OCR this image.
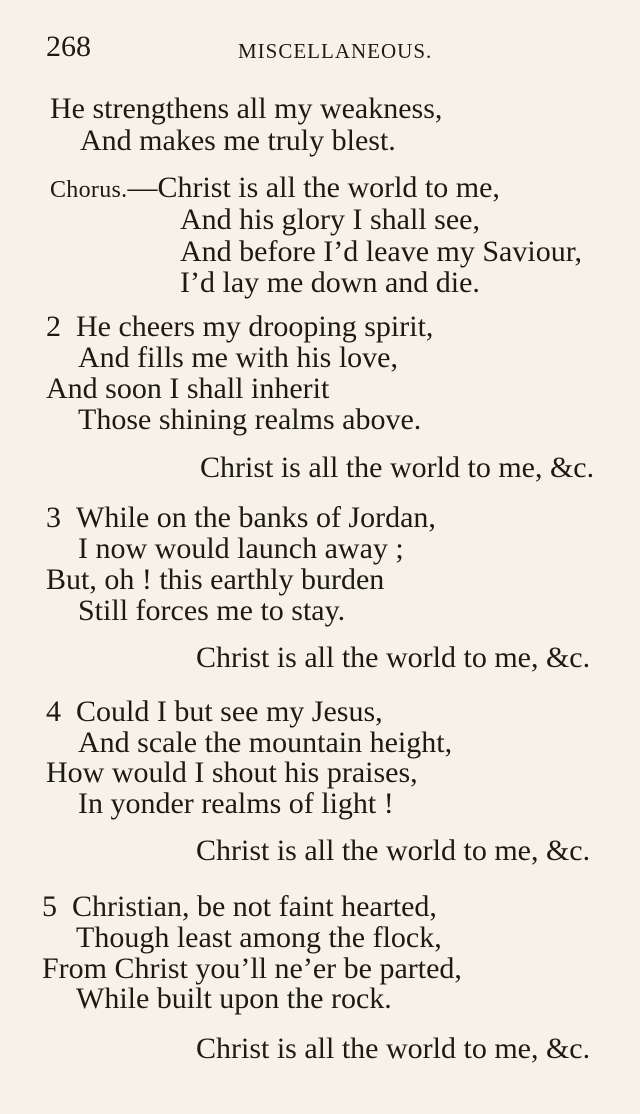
268	MISCELLANEOUS.
He strengthens all my weakness,
And makes me truly blest.
Chorus.—Christ is all the world to me,
And his glory I shall see,
And before I’d leave my Saviour,
I’d lay me down and die.
2 He cheers my drooping spirit,
And fills me with his love,
And soon I shall inherit
Those shining realms above.
Christ is all the world to me, &c.
3 While on the banks of Jordan,
I now would launch away ;
But, oh ! this earthly burden
Still forces me to stay.
Christ is all the world to me, &c.
4 Could I but see my Jesus,
And scale the mountain height,
How would I shout his praises,
In yonder realms of light !
Christ is all the world to me, &c.
5 Christian, be not faint hearted,
Though least among the flock,
From Christ you’ll ne’er be parted,
While built upon the rock.
Christ is all the world to me, &c.
